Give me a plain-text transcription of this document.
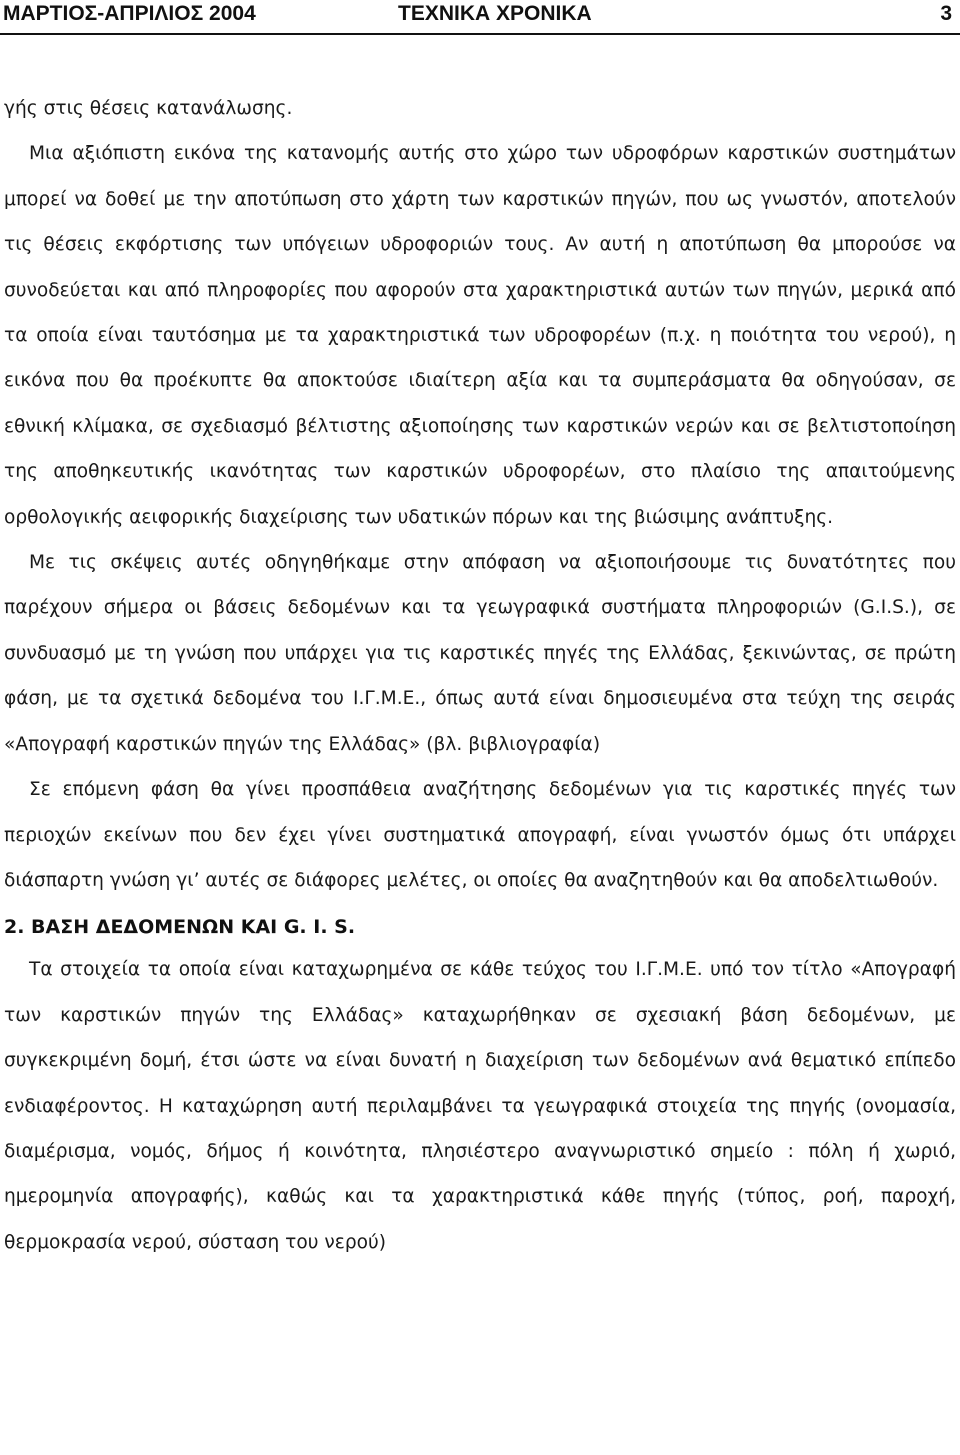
ΜΑΡΤΙΟΣ-ΑΠΡΙΛΙΟΣ 2004	ΤΕΧΝΙΚΑ ΧΡΟΝΙΚΑ	3

γής στις θέσεις κατανάλωσης.

Μια αξιόπιστη εικόνα της κατανομής αυτής στο χώρο των υδροφόρων καρστικών συστημάτων μπορεί να δοθεί με την αποτύπωση στο χάρτη των καρστικών πηγών, που ως γνωστόν, αποτελούν τις θέσεις εκφόρτισης των υπόγειων υδροφοριών τους. Αν αυτή η αποτύπωση θα μπορούσε να συνοδεύεται και από πληροφορίες που αφορούν στα χαρακτηριστικά αυτών των πηγών, μερικά από τα οποία είναι ταυτόσημα με τα χαρακτηριστικά των υδροφορέων (π.χ. η ποιότητα του νερού), η εικόνα που θα προέκυπτε θα αποκτούσε ιδιαίτερη αξία και τα συμπεράσματα θα οδηγούσαν, σε εθνική κλίμακα, σε σχεδιασμό βέλτιστης αξιοποίησης των καρστικών νερών και σε βελτιστοποίηση της αποθηκευτικής ικανότητας των καρστικών υδροφορέων, στο πλαίσιο της απαιτούμενης ορθολογικής αειφορικής διαχείρισης των υδατικών πόρων και της βιώσιμης ανάπτυξης.

Με τις σκέψεις αυτές οδηγηθήκαμε στην απόφαση να αξιοποιήσουμε τις δυνατότητες που παρέχουν σήμερα οι βάσεις δεδομένων και τα γεωγραφικά συστήματα πληροφοριών (G.I.S.), σε συνδυασμό με τη γνώση που υπάρχει για τις καρστικές πηγές της Ελλάδας, ξεκινώντας, σε πρώτη φάση, με τα σχετικά δεδομένα του Ι.Γ.Μ.Ε., όπως αυτά είναι δημοσιευμένα στα τεύχη της σειράς «Απογραφή καρστικών πηγών της Ελλάδας» (βλ. βιβλιογραφία)

Σε επόμενη φάση θα γίνει προσπάθεια αναζήτησης δεδομένων για τις καρστικές πηγές των περιοχών εκείνων που δεν έχει γίνει συστηματικά απογραφή, είναι γνωστόν όμως ότι υπάρχει διάσπαρτη γνώση γι’ αυτές σε διάφορες μελέτες, οι οποίες θα αναζητηθούν και θα αποδελτιωθούν.

2. ΒΑΣΗ ΔΕΔΟΜΕΝΩΝ ΚΑΙ G. I. S.

Τα στοιχεία τα οποία είναι καταχωρημένα σε κάθε τεύχος του Ι.Γ.Μ.Ε. υπό τον τίτλο «Απογραφή των καρστικών πηγών της Ελλάδας» καταχωρήθηκαν σε σχεσιακή βάση δεδομένων, με συγκεκριμένη δομή, έτσι ώστε να είναι δυνατή η διαχείριση των δεδομένων ανά θεματικό επίπεδο ενδιαφέροντος. Η καταχώρηση αυτή περιλαμβάνει τα γεωγραφικά στοιχεία της πηγής (ονομασία, διαμέρισμα, νομός, δήμος ή κοινότητα, πλησιέστερο αναγνωριστικό σημείο : πόλη ή χωριό, ημερομηνία απογραφής), καθώς και τα χαρακτηριστικά κάθε πηγής (τύπος, ροή, παροχή, θερμοκρασία νερού, σύσταση του νερού)
